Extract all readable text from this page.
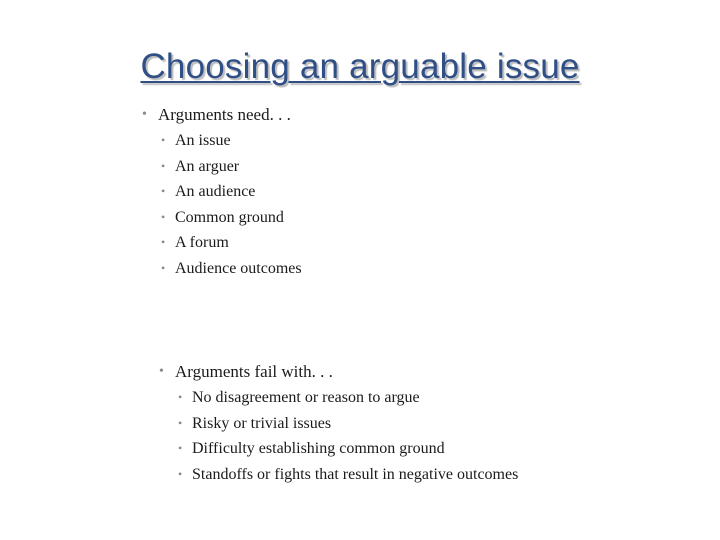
Choosing an arguable issue
• Arguments need. . .
• An issue
• An arguer
• An audience
• Common ground
• A forum
• Audience outcomes
• Arguments fail with. . .
• No disagreement or reason to argue
• Risky or trivial issues
• Difficulty establishing common ground
• Standoffs or fights that result in negative outcomes
